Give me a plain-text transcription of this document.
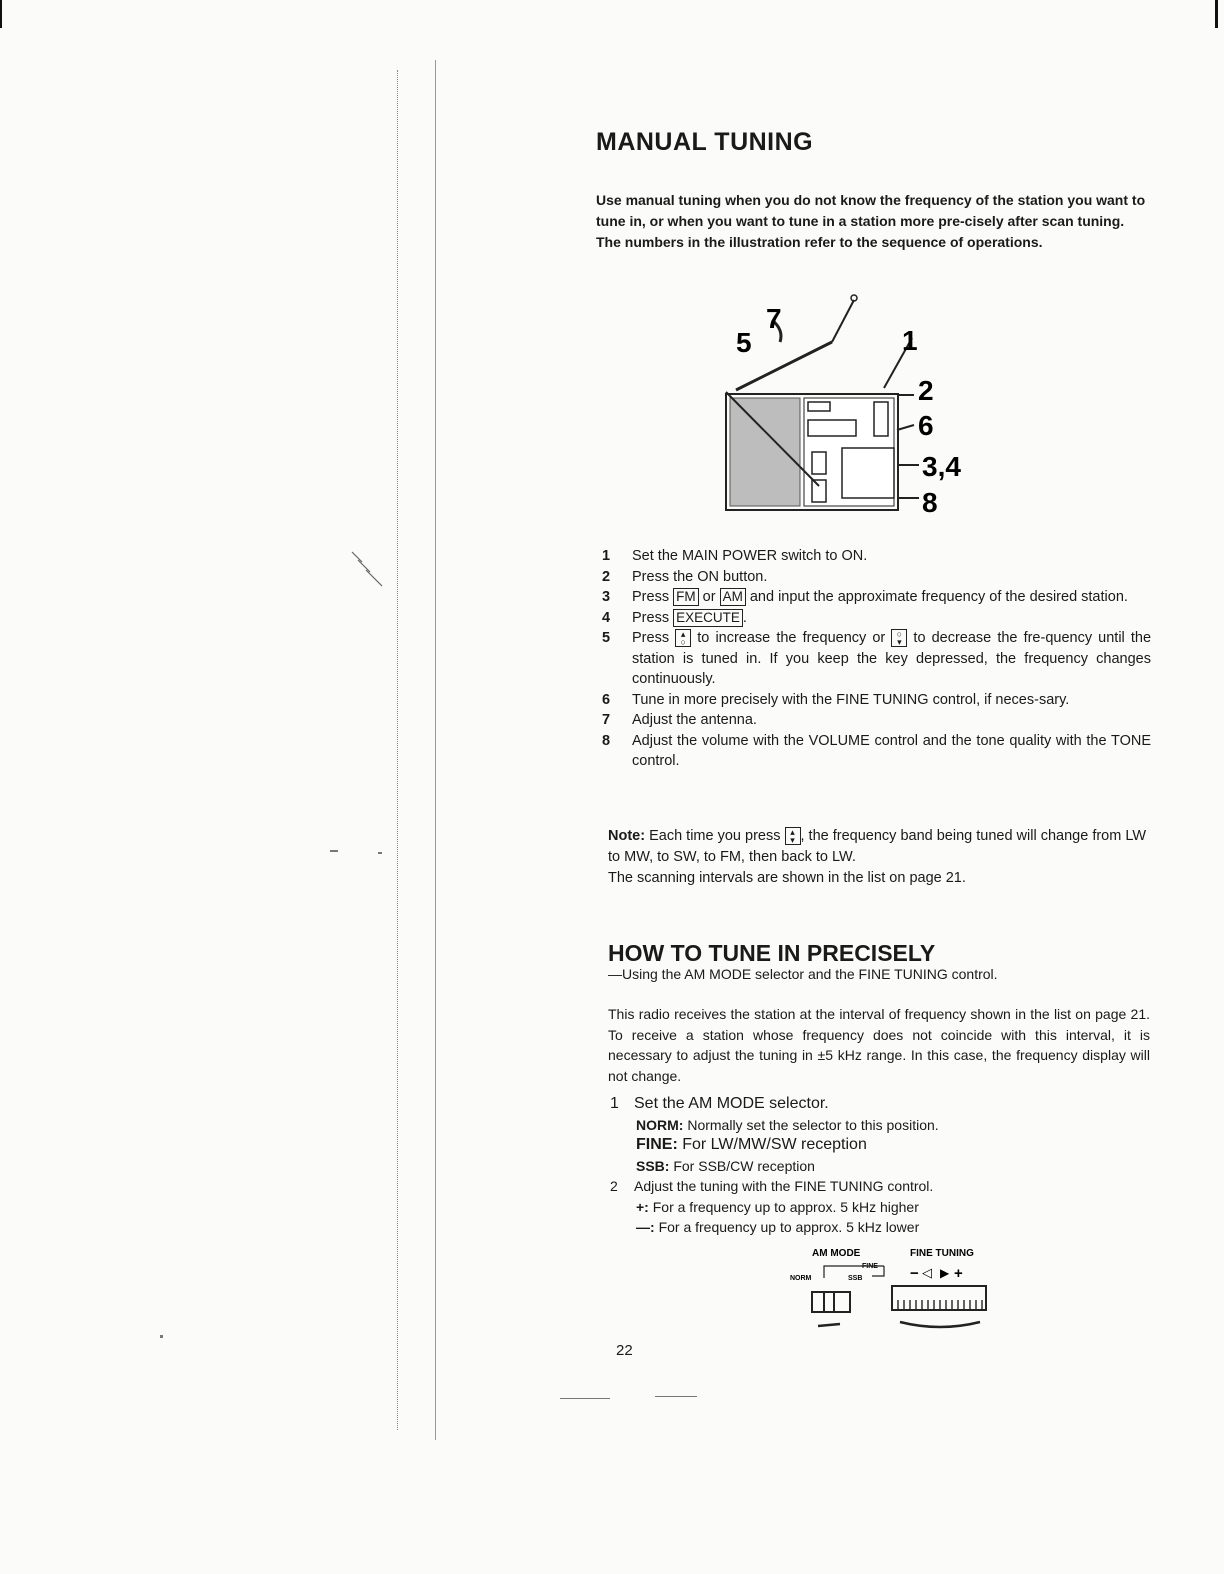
MANUAL TUNING
Use manual tuning when you do not know the frequency of the station you want to tune in, or when you want to tune in a station more pre-cisely after scan tuning.
The numbers in the illustration refer to the sequence of operations.
5
7
1
2
6
3,4
8
1 Set the MAIN POWER switch to ON.
2 Press the ON button.
3 Press FM or AM and input the approximate frequency of the desired station.
4 Press EXECUTE .
5 Press ▴
○ to increase the frequency or ○
▾ to decrease the fre-quency until the station is tuned in. If you keep the key depressed, the frequency changes continuously.
6 Tune in more precisely with the FINE TUNING control, if neces-sary.
7 Adjust the antenna.
8 Adjust the volume with the VOLUME control and the tone quality with the TONE control.
Note: Each time you press ▴
▾ , the frequency band being tuned will change from LW to MW, to SW, to FM, then back to LW.
The scanning intervals are shown in the list on page 21.
HOW TO TUNE IN PRECISELY

—Using the AM MODE selector and the FINE TUNING control.

This radio receives the station at the interval of frequency shown in the list on page 21. To receive a station whose frequency does not coincide with this interval, it is necessary to adjust the tuning in ±5 kHz range. In this case, the frequency display will not change.

1 Set the AM MODE selector.
NORM: Normally set the selector to this position.
FINE: For LW/MW/SW reception
SSB: For SSB/CW reception
2 Adjust the tuning with the FINE TUNING control.
+: For a frequency up to approx. 5 kHz higher
—: For a frequency up to approx. 5 kHz lower
AM MODE	FINE TUNING
FINE
NORM	SSB	− ◁ ▶ +

22
